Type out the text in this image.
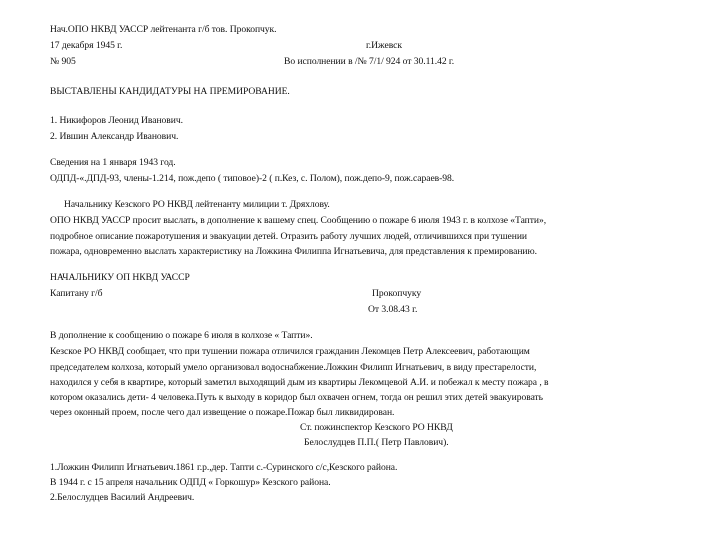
Нач.ОПО НКВД УАССР лейтенанта г/б тов. Прокопчук.
17 декабря 1945 г.	г.Ижевск
№ 905	Во исполнении в /№ 7/1/ 924 от 30.11.42 г.
ВЫСТАВЛЕНЫ КАНДИДАТУРЫ НА ПРЕМИРОВАНИЕ.
1. Никифоров Леонид Иванович.
2. Ившин Александр Иванович.
Сведения на 1 января 1943 год.
ОДПД-«.ДПД-93, члены-1.214, пож.депо ( типовое)-2 ( п.Кез, с. Полом), пож.депо-9, пож.сараев-98.
Начальнику Кезского РО НКВД лейтенанту милиции т. Дряхлову.
ОПО НКВД УАССР просит выслать, в дополнение к вашему спец. Сообщению о пожаре 6 июля 1943 г. в колхозе «Тапти»,
подробное описание пожаротушения и эвакуации детей. Отразить работу лучших людей, отличившихся при тушении
пожара, одновременно выслать характеристику на Ложкина Филиппа Игнатьевича, для представления к премированию.
НАЧАЛЬНИКУ ОП НКВД УАССР
Капитану г/б	Прокопчуку
От 3.08.43 г.
В дополнение к сообщению о пожаре 6 июля в колхозе « Тапти».
Кезское РО НКВД сообщает, что при тушении пожара отличился гражданин Лекомцев Петр Алексеевич, работающим
председателем колхоза, который умело организовал водоснабжение.Ложкин Филипп Игнатьевич, в виду престарелости,
находился у себя в квартире, который заметил выходящий дым из квартиры Лекомцевой А.И. и побежал к месту пожара , в
котором оказались дети- 4 человека.Путь к выходу в коридор был охвачен огнем, тогда он решил этих детей эвакуировать
через оконный проем, после чего дал извещение о пожаре.Пожар был ликвидирован.
Ст. пожинспектор Кезского РО НКВД
Белослудцев П.П.( Петр Павлович).
1.Ложкин Филипп Игнатьевич.1861 г.р.,дер. Тапти с.-Суринского с/с,Кезского района.
В 1944 г. с 15 апреля начальник ОДПД « Горкошур» Кезского района.
2.Белослудцев Василий Андреевич.
